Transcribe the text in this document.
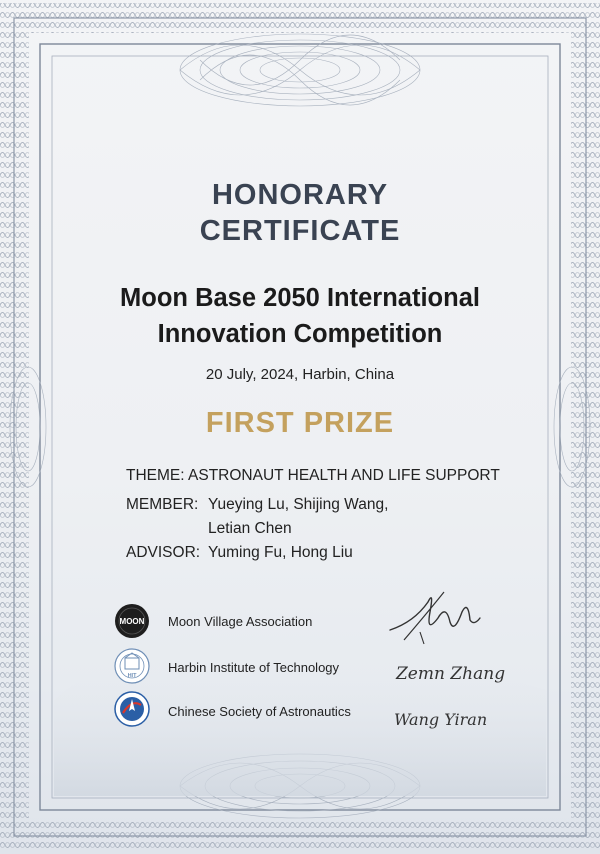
HONORARY
CERTIFICATE
Moon Base 2050 International
Innovation Competition
20 July, 2024, Harbin, China
FIRST PRIZE
THEME: ASTRONAUT HEALTH AND LIFE SUPPORT
MEMBER: Yueying Lu, Shijing Wang,
Letian Chen
ADVISOR: Yuming Fu, Hong Liu
MOON
HIT
Moon Village Association
Harbin Institute of Technology
Chinese Society of Astronautics
Zemn Zhang
Wang Yiran
